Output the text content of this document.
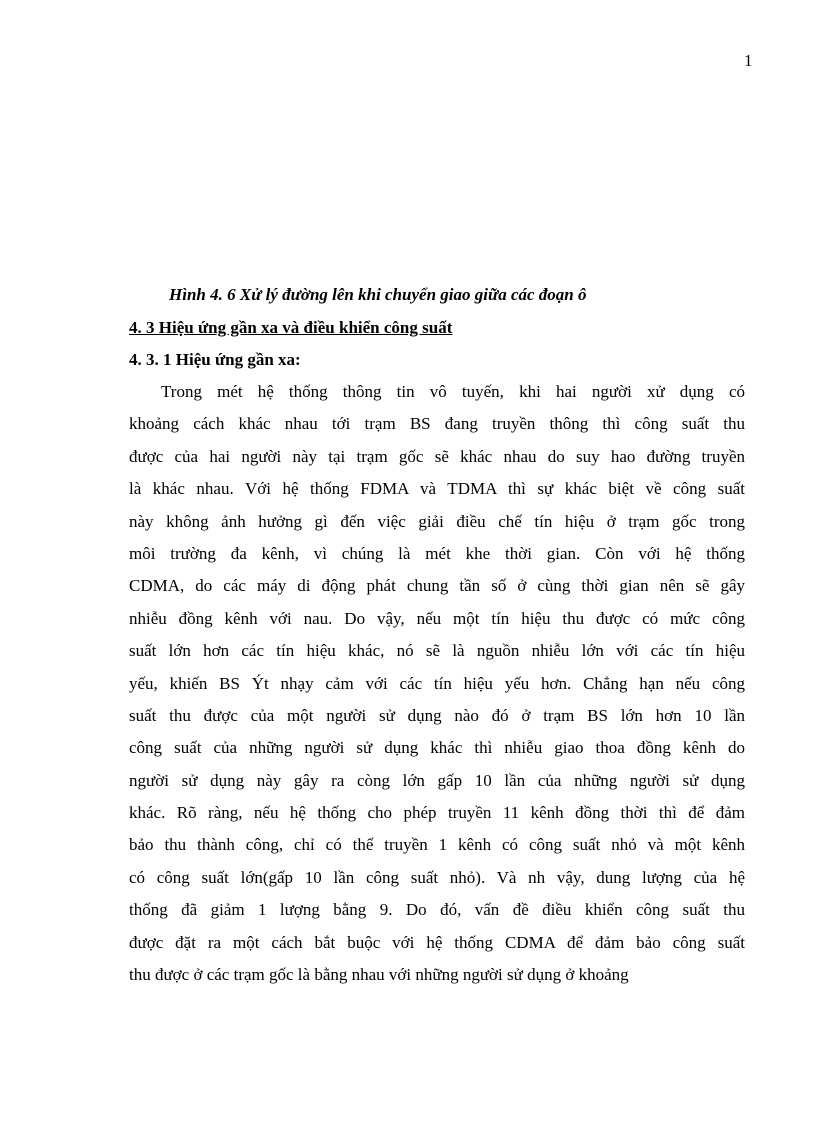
1
Hình 4. 6 Xử lý đường lên khi chuyển giao giữa các đoạn ô
4. 3 Hiệu ứng gần xa và điều khiển công suất
4. 3. 1 Hiệu ứng gần xa:
Trong mét hệ thống thông tin vô tuyến, khi hai người xử dụng có
khoảng cách khác nhau tới trạm BS đang truyền thông thì công suất thu
được của hai người này tại trạm gốc sẽ khác nhau do suy hao đường truyền
là khác nhau. Với hệ thống FDMA và TDMA thì sự khác biệt về công suất
này không ảnh hưởng gì đến việc giải điều chế tín hiệu ở trạm gốc trong
môi trường đa kênh, vì chúng là mét khe thời gian. Còn với hệ thống
CDMA, do các máy di động phát chung tần số ở cùng thời gian nên sẽ gây
nhiễu đồng kênh với nau. Do vậy, nếu một tín hiệu thu được có mức công
suất lớn hơn các tín hiệu khác, nó sẽ là nguồn nhiễu lớn với các tín hiệu
yếu, khiến BS Ýt nhạy cảm với các tín hiệu yếu hơn. Chẳng hạn nếu công
suất thu được của một người sử dụng nào đó ở trạm BS lớn hơn 10 lần
công suất của những người sử dụng khác thì nhiễu giao thoa đồng kênh do
người sử dụng này gây ra còng lớn gấp 10 lần của những người sử dụng
khác. Rõ ràng, nếu hệ thống cho phép truyền 11 kênh đồng thời thì để đảm
bảo thu thành công, chỉ có thể truyền 1 kênh có công suất nhỏ và một kênh
có công suất lớn(gấp 10 lần công suất nhỏ). Và nh vậy, dung lượng của hệ
thống đã giảm 1 lượng bằng 9. Do đó, vấn đề điều khiển công suất thu
được đặt ra một cách bắt buộc với hệ thống CDMA để đảm bảo công suất
thu được ở các trạm gốc là bằng nhau với những người sử dụng ở khoảng
